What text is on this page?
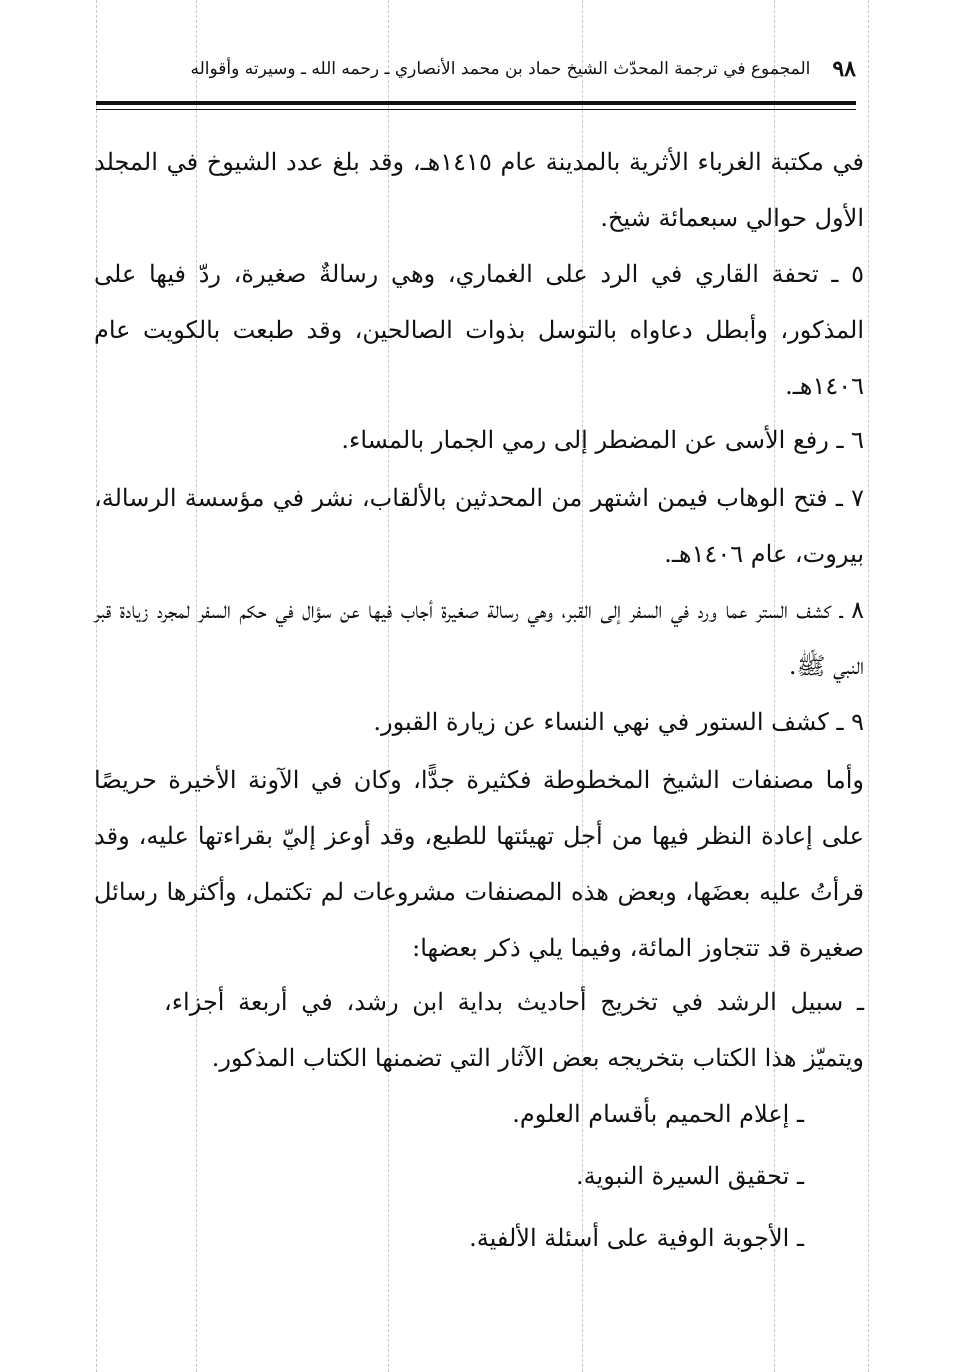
٩٨
المجموع في ترجمة المحدّث الشيخ حماد بن محمد الأنصاري ـ رحمه الله ـ وسيرته وأقواله
في مكتبة الغرباء الأثرية بالمدينة عام ١٤١٥هـ، وقد بلغ عدد الشيوخ في المجلد الأول حوالي سبعمائة شيخ.
٥ ـ تحفة القاري في الرد على الغماري، وهي رسالةٌ صغيرة، ردّ فيها على المذكور، وأبطل دعاواه بالتوسل بذوات الصالحين، وقد طبعت بالكويت عام ١٤٠٦هـ.
٦ ـ رفع الأسى عن المضطر إلى رمي الجمار بالمساء.
٧ ـ فتح الوهاب فيمن اشتهر من المحدثين بالألقاب، نشر في مؤسسة الرسالة، بيروت، عام ١٤٠٦هـ.
٨ ـ كشف الستر عما ورد في السفر إلى القبر، وهي رسالة صغيرة أجاب فيها عن سؤال في حكم السفر لمجرد زيادة قبر النبي ﷺ.
٩ ـ كشف الستور في نهي النساء عن زيارة القبور.
وأما مصنفات الشيخ المخطوطة فكثيرة جدًّا، وكان في الآونة الأخيرة حريصًا على إعادة النظر فيها من أجل تهيئتها للطبع، وقد أوعز إليّ بقراءتها عليه، وقد قرأتُ عليه بعضَها، وبعض هذه المصنفات مشروعات لم تكتمل، وأكثرها رسائل صغيرة قد تتجاوز المائة، وفيما يلي ذكر بعضها:
ـ سبيل الرشد في تخريج أحاديث بداية ابن رشد، في أربعة أجزاء، ويتميّز هذا الكتاب بتخريجه بعض الآثار التي تضمنها الكتاب المذكور.
ـ إعلام الحميم بأقسام العلوم.
ـ تحقيق السيرة النبوية.
ـ الأجوبة الوفية على أسئلة الألفية.
